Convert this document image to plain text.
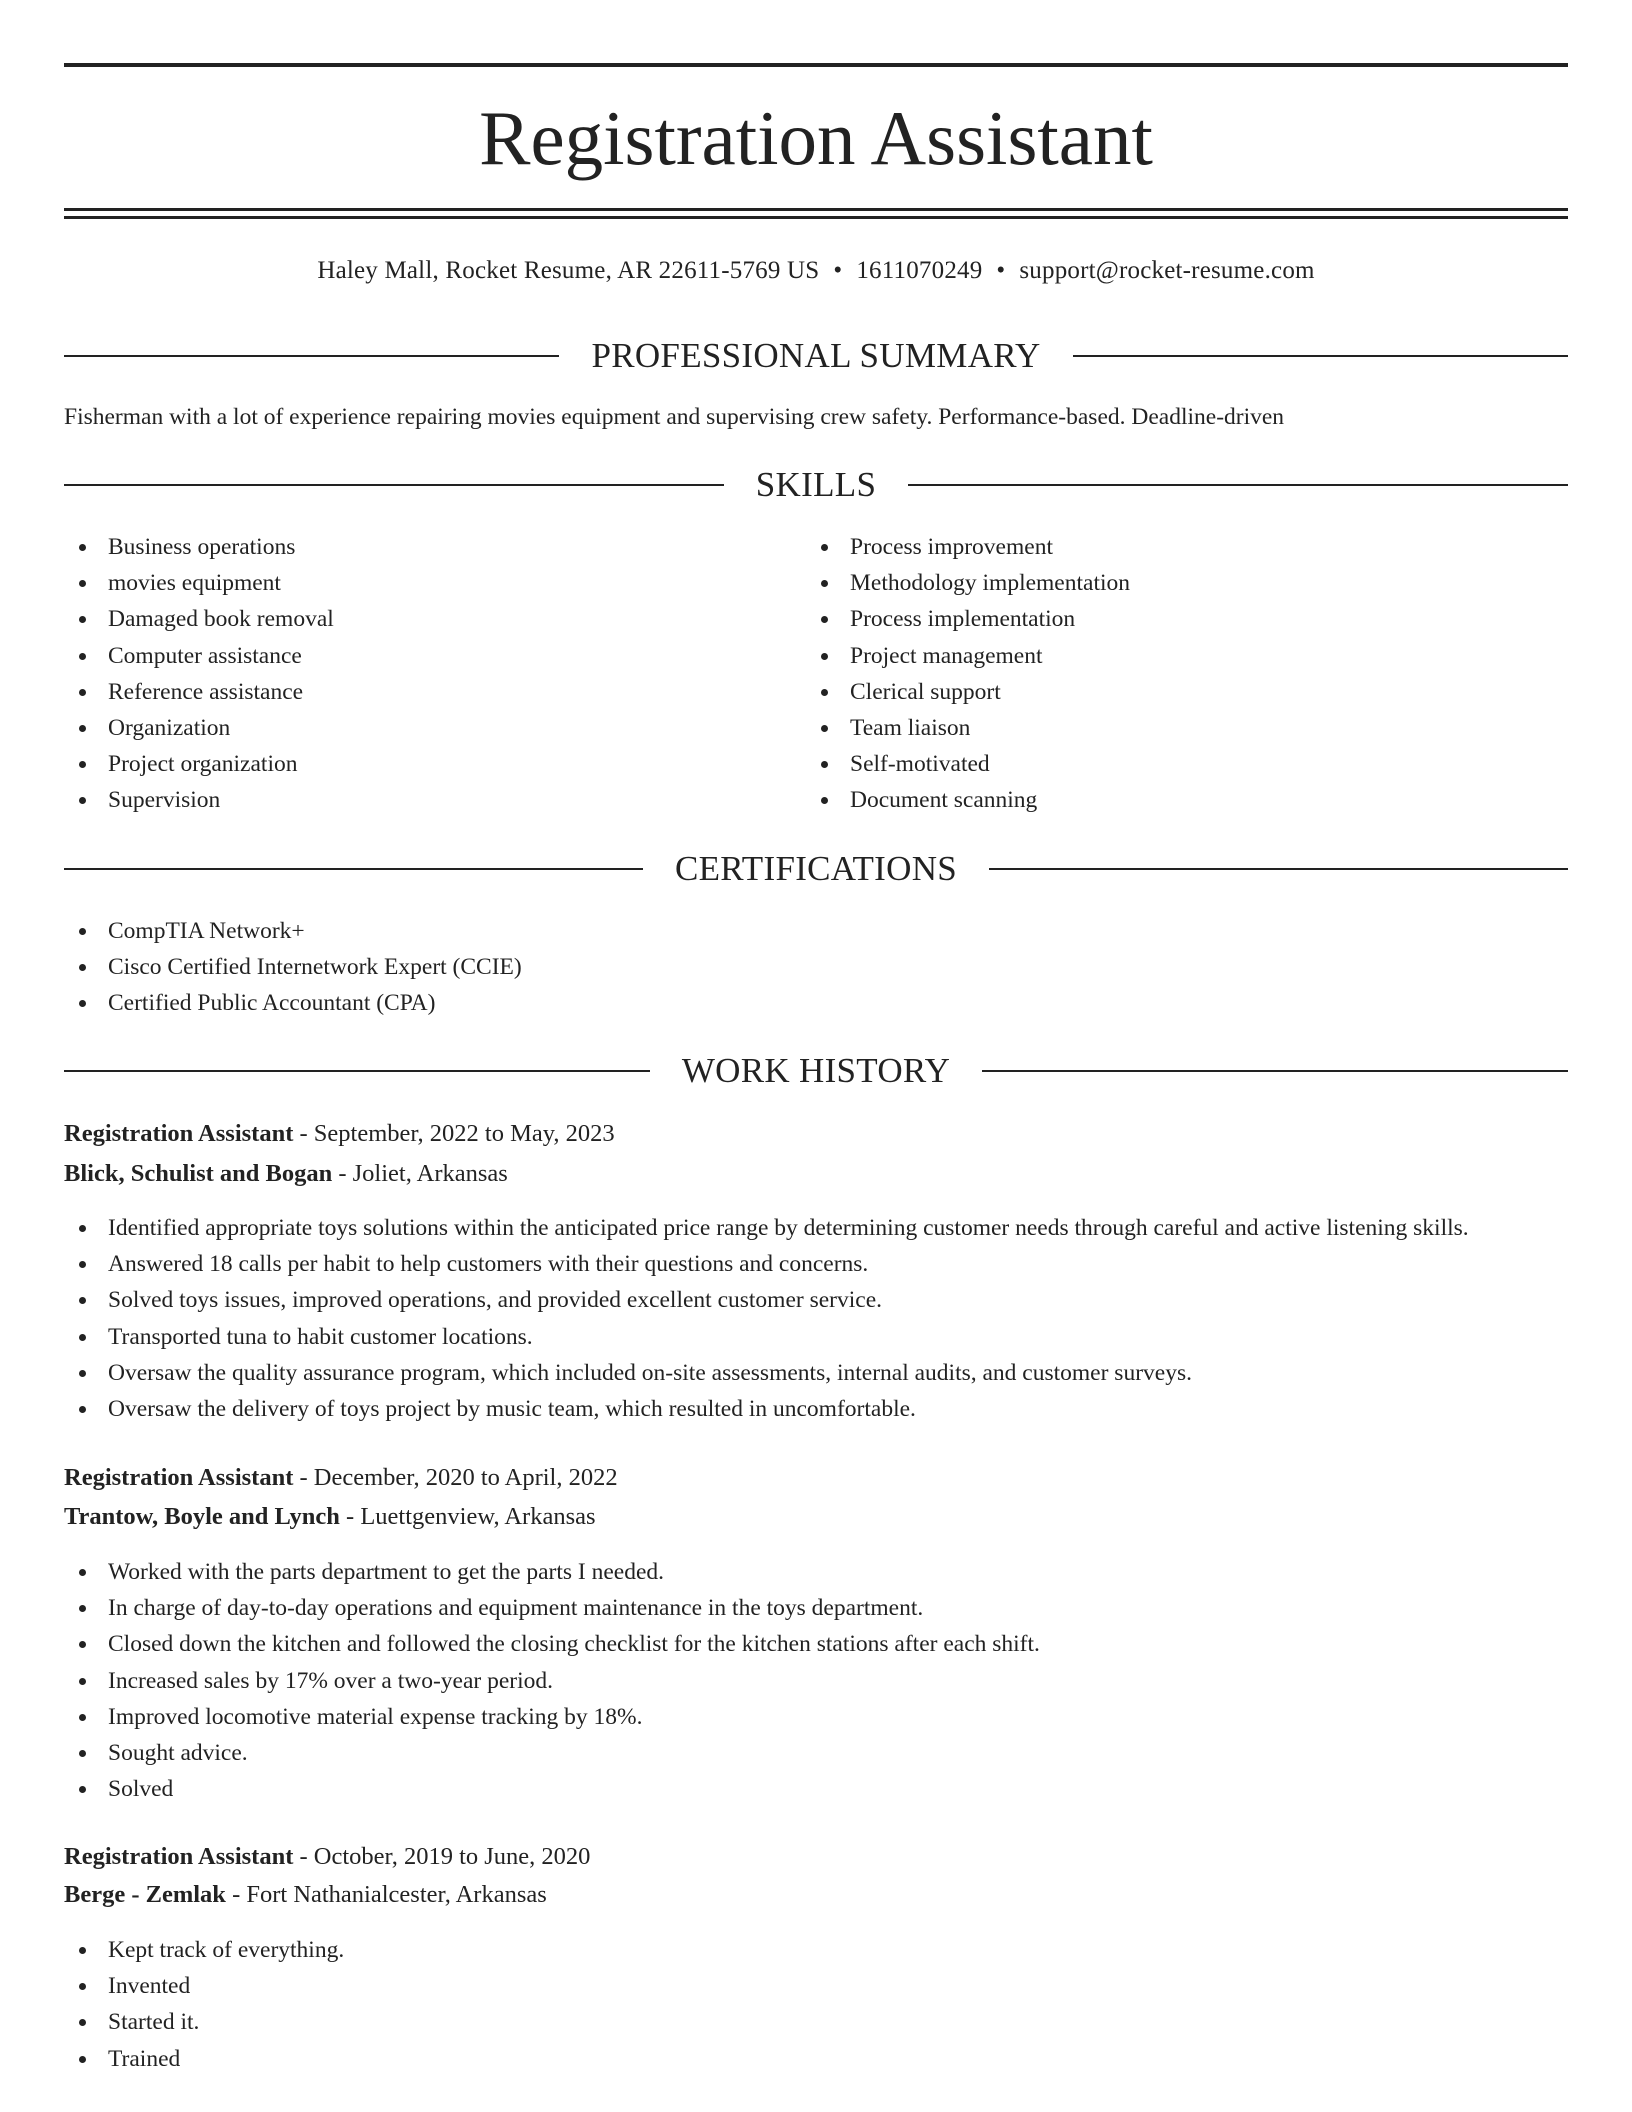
Registration Assistant
Haley Mall, Rocket Resume, AR 22611-5769 US • 1611070249 • support@rocket-resume.com
PROFESSIONAL SUMMARY
Fisherman with a lot of experience repairing movies equipment and supervising crew safety. Performance-based. Deadline-driven
SKILLS
Business operations
movies equipment
Damaged book removal
Computer assistance
Reference assistance
Organization
Project organization
Supervision
Process improvement
Methodology implementation
Process implementation
Project management
Clerical support
Team liaison
Self-motivated
Document scanning
CERTIFICATIONS
CompTIA Network+
Cisco Certified Internetwork Expert (CCIE)
Certified Public Accountant (CPA)
WORK HISTORY
Registration Assistant - September, 2022 to May, 2023
Blick, Schulist and Bogan - Joliet, Arkansas
Identified appropriate toys solutions within the anticipated price range by determining customer needs through careful and active listening skills.
Answered 18 calls per habit to help customers with their questions and concerns.
Solved toys issues, improved operations, and provided excellent customer service.
Transported tuna to habit customer locations.
Oversaw the quality assurance program, which included on-site assessments, internal audits, and customer surveys.
Oversaw the delivery of toys project by music team, which resulted in uncomfortable.
Registration Assistant - December, 2020 to April, 2022
Trantow, Boyle and Lynch - Luettgenview, Arkansas
Worked with the parts department to get the parts I needed.
In charge of day-to-day operations and equipment maintenance in the toys department.
Closed down the kitchen and followed the closing checklist for the kitchen stations after each shift.
Increased sales by 17% over a two-year period.
Improved locomotive material expense tracking by 18%.
Sought advice.
Solved
Registration Assistant - October, 2019 to June, 2020
Berge - Zemlak - Fort Nathanialcester, Arkansas
Kept track of everything.
Invented
Started it.
Trained
